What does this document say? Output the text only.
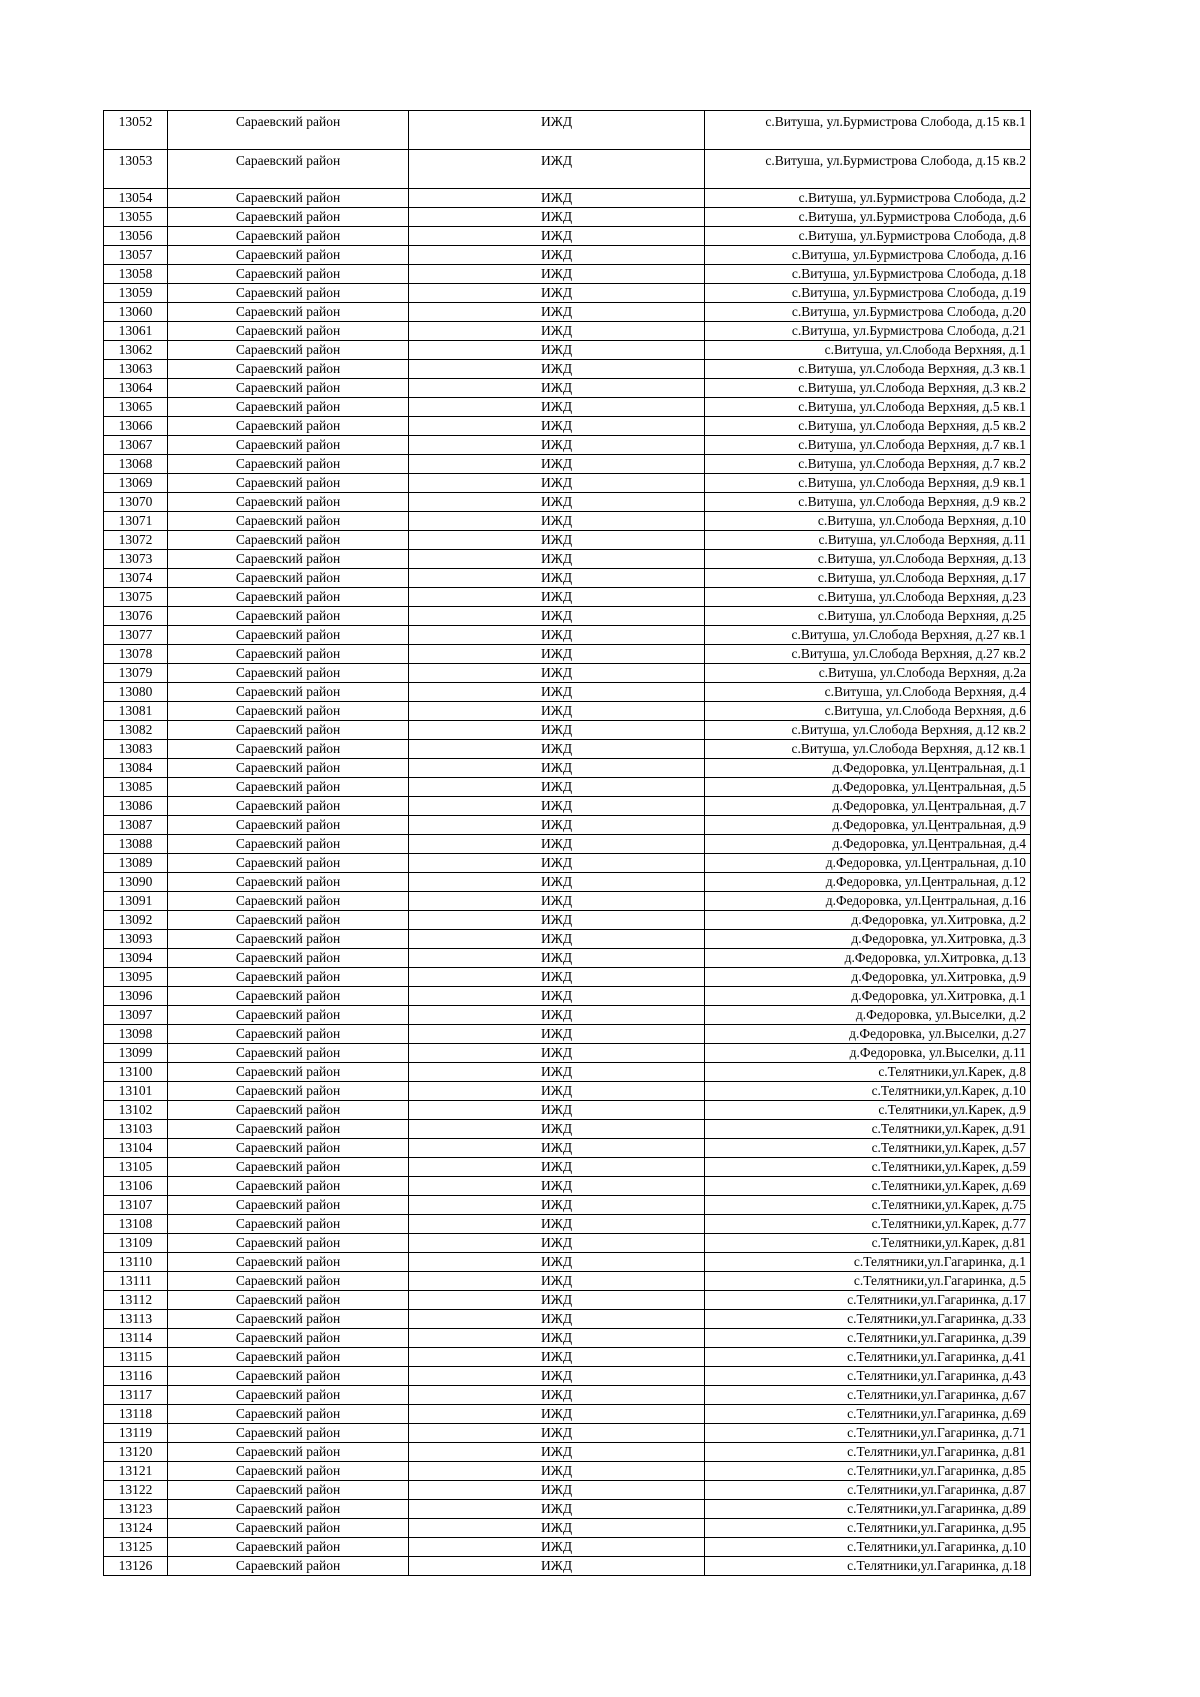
13052	Сараевский район	ИЖД	с.Витуша, ул.Бурмистрова Слобода, д.15 кв.1
13053	Сараевский район	ИЖД	с.Витуша, ул.Бурмистрова Слобода, д.15 кв.2
13054	Сараевский район	ИЖД	с.Витуша, ул.Бурмистрова Слобода, д.2
13055	Сараевский район	ИЖД	с.Витуша, ул.Бурмистрова Слобода, д.6
13056	Сараевский район	ИЖД	с.Витуша, ул.Бурмистрова Слобода, д.8
13057	Сараевский район	ИЖД	с.Витуша, ул.Бурмистрова Слобода, д.16
13058	Сараевский район	ИЖД	с.Витуша, ул.Бурмистрова Слобода, д.18
13059	Сараевский район	ИЖД	с.Витуша, ул.Бурмистрова Слобода, д.19
13060	Сараевский район	ИЖД	с.Витуша, ул.Бурмистрова Слобода, д.20
13061	Сараевский район	ИЖД	с.Витуша, ул.Бурмистрова Слобода, д.21
13062	Сараевский район	ИЖД	с.Витуша, ул.Слобода Верхняя, д.1
13063	Сараевский район	ИЖД	с.Витуша, ул.Слобода Верхняя, д.3 кв.1
13064	Сараевский район	ИЖД	с.Витуша, ул.Слобода Верхняя, д.3 кв.2
13065	Сараевский район	ИЖД	с.Витуша, ул.Слобода Верхняя, д.5 кв.1
13066	Сараевский район	ИЖД	с.Витуша, ул.Слобода Верхняя, д.5 кв.2
13067	Сараевский район	ИЖД	с.Витуша, ул.Слобода Верхняя, д.7 кв.1
13068	Сараевский район	ИЖД	с.Витуша, ул.Слобода Верхняя, д.7 кв.2
13069	Сараевский район	ИЖД	с.Витуша, ул.Слобода Верхняя, д.9 кв.1
13070	Сараевский район	ИЖД	с.Витуша, ул.Слобода Верхняя, д.9 кв.2
13071	Сараевский район	ИЖД	с.Витуша, ул.Слобода Верхняя, д.10
13072	Сараевский район	ИЖД	с.Витуша, ул.Слобода Верхняя, д.11
13073	Сараевский район	ИЖД	с.Витуша, ул.Слобода Верхняя, д.13
13074	Сараевский район	ИЖД	с.Витуша, ул.Слобода Верхняя, д.17
13075	Сараевский район	ИЖД	с.Витуша, ул.Слобода Верхняя, д.23
13076	Сараевский район	ИЖД	с.Витуша, ул.Слобода Верхняя, д.25
13077	Сараевский район	ИЖД	с.Витуша, ул.Слобода Верхняя, д.27 кв.1
13078	Сараевский район	ИЖД	с.Витуша, ул.Слобода Верхняя, д.27 кв.2
13079	Сараевский район	ИЖД	с.Витуша, ул.Слобода Верхняя, д.2а
13080	Сараевский район	ИЖД	с.Витуша, ул.Слобода Верхняя, д.4
13081	Сараевский район	ИЖД	с.Витуша, ул.Слобода Верхняя, д.6
13082	Сараевский район	ИЖД	с.Витуша, ул.Слобода Верхняя, д.12 кв.2
13083	Сараевский район	ИЖД	с.Витуша, ул.Слобода Верхняя, д.12 кв.1
13084	Сараевский район	ИЖД	д.Федоровка, ул.Центральная, д.1
13085	Сараевский район	ИЖД	д.Федоровка, ул.Центральная, д.5
13086	Сараевский район	ИЖД	д.Федоровка, ул.Центральная, д.7
13087	Сараевский район	ИЖД	д.Федоровка, ул.Центральная, д.9
13088	Сараевский район	ИЖД	д.Федоровка, ул.Центральная, д.4
13089	Сараевский район	ИЖД	д.Федоровка, ул.Центральная, д.10
13090	Сараевский район	ИЖД	д.Федоровка, ул.Центральная, д.12
13091	Сараевский район	ИЖД	д.Федоровка, ул.Центральная, д.16
13092	Сараевский район	ИЖД	д.Федоровка, ул.Хитровка, д.2
13093	Сараевский район	ИЖД	д.Федоровка, ул.Хитровка, д.3
13094	Сараевский район	ИЖД	д.Федоровка, ул.Хитровка, д.13
13095	Сараевский район	ИЖД	д.Федоровка, ул.Хитровка, д.9
13096	Сараевский район	ИЖД	д.Федоровка, ул.Хитровка, д.1
13097	Сараевский район	ИЖД	д.Федоровка, ул.Выселки, д.2
13098	Сараевский район	ИЖД	д.Федоровка, ул.Выселки, д.27
13099	Сараевский район	ИЖД	д.Федоровка, ул.Выселки, д.11
13100	Сараевский район	ИЖД	с.Телятники,ул.Карек, д.8
13101	Сараевский район	ИЖД	с.Телятники,ул.Карек, д.10
13102	Сараевский район	ИЖД	с.Телятники,ул.Карек, д.9
13103	Сараевский район	ИЖД	с.Телятники,ул.Карек, д.91
13104	Сараевский район	ИЖД	с.Телятники,ул.Карек, д.57
13105	Сараевский район	ИЖД	с.Телятники,ул.Карек, д.59
13106	Сараевский район	ИЖД	с.Телятники,ул.Карек, д.69
13107	Сараевский район	ИЖД	с.Телятники,ул.Карек, д.75
13108	Сараевский район	ИЖД	с.Телятники,ул.Карек, д.77
13109	Сараевский район	ИЖД	с.Телятники,ул.Карек, д.81
13110	Сараевский район	ИЖД	с.Телятники,ул.Гагаринка, д.1
13111	Сараевский район	ИЖД	с.Телятники,ул.Гагаринка, д.5
13112	Сараевский район	ИЖД	с.Телятники,ул.Гагаринка, д.17
13113	Сараевский район	ИЖД	с.Телятники,ул.Гагаринка, д.33
13114	Сараевский район	ИЖД	с.Телятники,ул.Гагаринка, д.39
13115	Сараевский район	ИЖД	с.Телятники,ул.Гагаринка, д.41
13116	Сараевский район	ИЖД	с.Телятники,ул.Гагаринка, д.43
13117	Сараевский район	ИЖД	с.Телятники,ул.Гагаринка, д.67
13118	Сараевский район	ИЖД	с.Телятники,ул.Гагаринка, д.69
13119	Сараевский район	ИЖД	с.Телятники,ул.Гагаринка, д.71
13120	Сараевский район	ИЖД	с.Телятники,ул.Гагаринка, д.81
13121	Сараевский район	ИЖД	с.Телятники,ул.Гагаринка, д.85
13122	Сараевский район	ИЖД	с.Телятники,ул.Гагаринка, д.87
13123	Сараевский район	ИЖД	с.Телятники,ул.Гагаринка, д.89
13124	Сараевский район	ИЖД	с.Телятники,ул.Гагаринка, д.95
13125	Сараевский район	ИЖД	с.Телятники,ул.Гагаринка, д.10
13126	Сараевский район	ИЖД	с.Телятники,ул.Гагаринка, д.18
